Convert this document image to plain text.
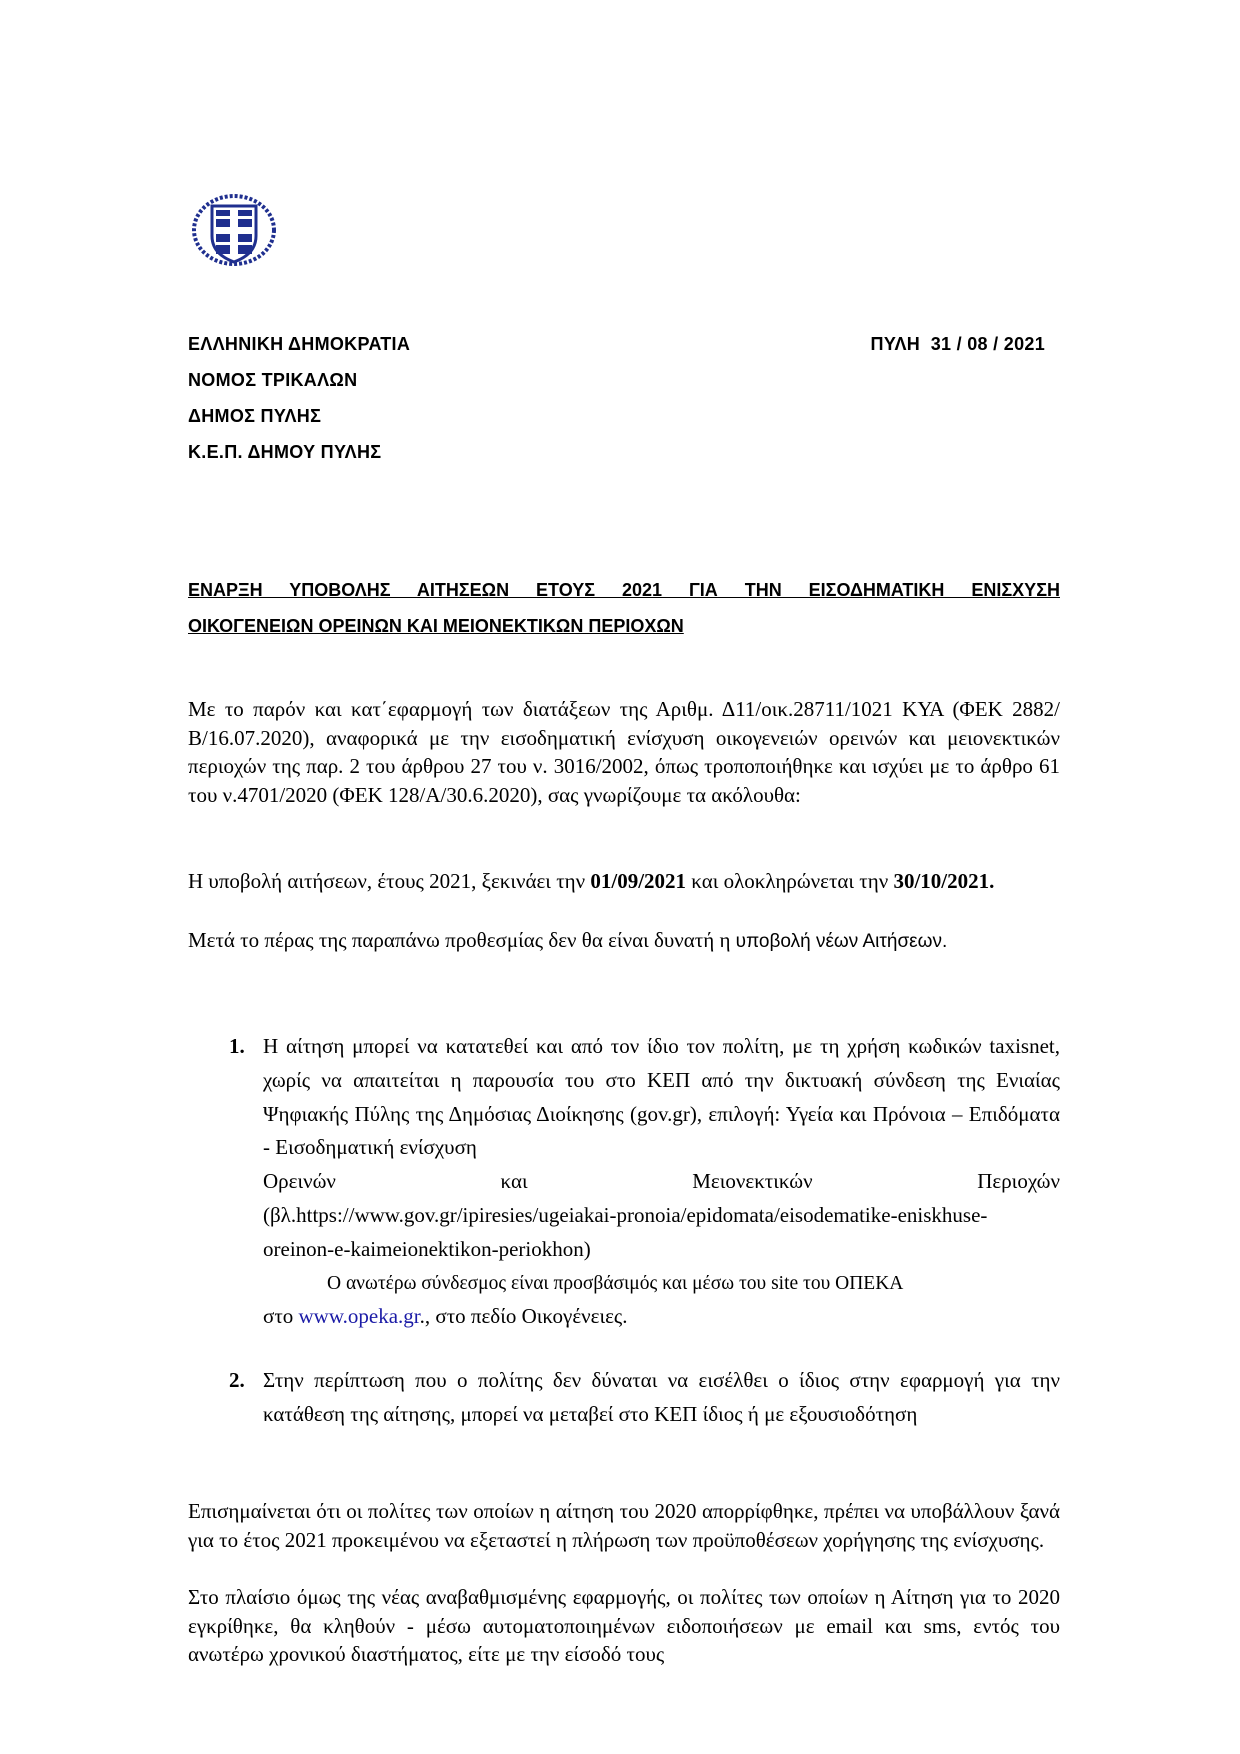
ΕΛΛΗΝΙΚΗ ΔΗΜΟΚΡΑΤΙΑ
ΝΟΜΟΣ ΤΡΙΚΑΛΩΝ
ΔΗΜΟΣ ΠΥΛΗΣ
Κ.Ε.Π. ΔΗΜΟΥ ΠΥΛΗΣ
ΠΥΛΗ  31 / 08 / 2021
ΕΝΑΡΞΗ ΥΠΟΒΟΛΗΣ ΑΙΤΗΣΕΩΝ ΕΤΟΥΣ 2021 ΓΙΑ ΤΗΝ ΕΙΣΟΔΗΜΑΤΙΚΗ ΕΝΙΣΧΥΣΗ
ΟΙΚΟΓΕΝΕΙΩΝ ΟΡΕΙΝΩΝ ΚΑΙ ΜΕΙΟΝΕΚΤΙΚΩΝ ΠΕΡΙΟΧΩΝ
Με το παρόν και κατ΄εφαρμογή των διατάξεων της Αριθμ. Δ11/οικ.28711/1021 ΚΥΑ (ΦΕΚ 2882/Β/16.07.2020), αναφορικά με την εισοδηματική ενίσχυση οικογενειών ορεινών και μειονεκτικών περιοχών της παρ. 2 του άρθρου 27 του ν. 3016/2002, όπως τροποποιήθηκε και ισχύει με το άρθρο 61 του ν.4701/2020 (ΦΕΚ 128/Α/30.6.2020), σας γνωρίζουμε τα ακόλουθα:
Η υποβολή αιτήσεων, έτους 2021, ξεκινάει την 01/09/2021 και ολοκληρώνεται την 30/10/2021.
Μετά το πέρας της παραπάνω προθεσμίας δεν θα είναι δυνατή η υποβολή νέων Αιτήσεων.
1. Η αίτηση μπορεί να κατατεθεί και από τον ίδιο τον πολίτη, με τη χρήση κωδικών taxisnet, χωρίς να απαιτείται η παρουσία του στο ΚΕΠ από την δικτυακή σύνδεση της Ενιαίας Ψηφιακής Πύλης της Δημόσιας Διοίκησης (gov.gr), επιλογή: Υγεία και Πρόνοια – Επιδόματα - Εισοδηματική ενίσχυση
Ορεινών και Μειονεκτικών Περιοχών
(βλ.https://www.gov.gr/ipiresies/ugeiakai-pronoia/epidomata/eisodematike-eniskhuse-oreinon-e-kaimeionektikon-periokhon)
Ο ανωτέρω σύνδεσμος είναι προσβάσιμός και μέσω του site του ΟΠΕΚΑ
στο www.opeka.gr., στο πεδίο Οικογένειες.
2. Στην περίπτωση που ο πολίτης δεν δύναται να εισέλθει ο ίδιος στην εφαρμογή για την κατάθεση της αίτησης, μπορεί να μεταβεί στο ΚΕΠ ίδιος ή με εξουσιοδότηση
Επισημαίνεται ότι οι πολίτες των οποίων η αίτηση του 2020 απορρίφθηκε, πρέπει να υποβάλλουν ξανά για το έτος 2021 προκειμένου να εξεταστεί η πλήρωση των προϋποθέσεων χορήγησης της ενίσχυσης.
Στο πλαίσιο όμως της νέας αναβαθμισμένης εφαρμογής, οι πολίτες των οποίων η Αίτηση για το 2020 εγκρίθηκε, θα κληθούν - μέσω αυτοματοποιημένων ειδοποιήσεων με email και sms, εντός του ανωτέρω χρονικού διαστήματος, είτε με την είσοδό τους
